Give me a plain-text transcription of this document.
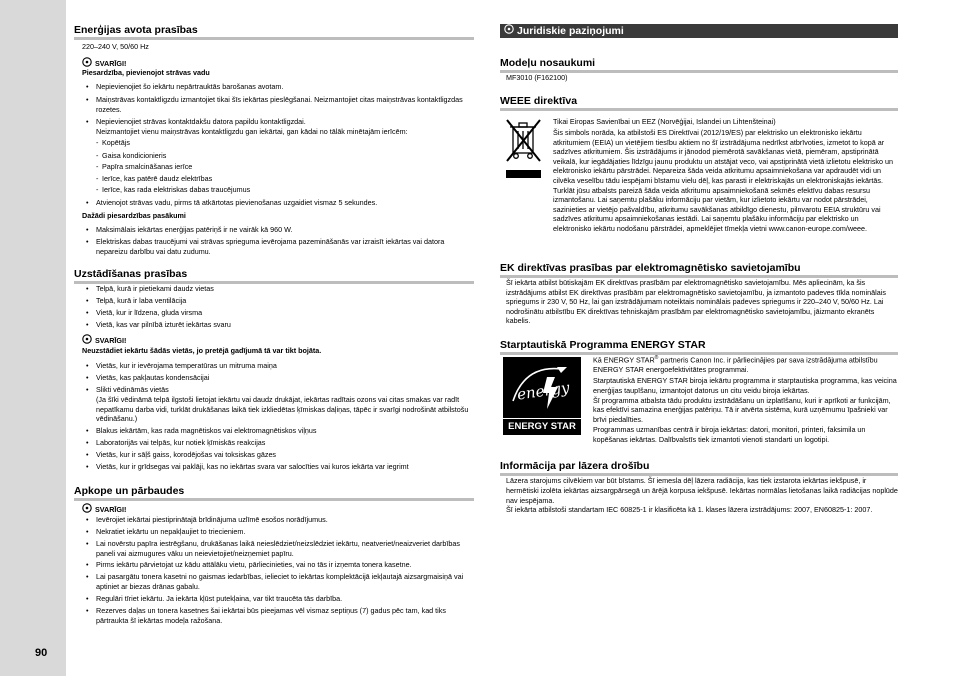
90
Enerģijas avota prasības
220–240 V, 50/60 Hz
SVARĪGI!
Piesardzība, pievienojot strāvas vadu
• Nepievienojiet šo iekārtu nepārtrauktās barošanas avotam.
• Maiņstrāvas kontaktligzdu izmantojiet tikai šīs iekārtas pieslēgšanai. Neizmantojiet citas maiņstrāvas kontaktligzdas rozetes.
• Nepievienojiet strāvas kontaktdakšu datora papildu kontaktligzdai.
Neizmantojiet vienu maiņstrāvas kontaktligzdu gan iekārtai, gan kādai no tālāk minētajām ierīcēm:
- Kopētājs
- Gaisa kondicionieris
- Papīra smalcināšanas ierīce
- Ierīce, kas patērē daudz elektrības
- Ierīce, kas rada elektriskas dabas traucējumus
• Atvienojot strāvas vadu, pirms tā atkārtotas pievienošanas uzgaidiet vismaz 5 sekundes.
Dažādi piesardzības pasākumi
• Maksimālais iekārtas enerģijas patēriņš ir ne vairāk kā 960 W.
• Elektriskas dabas traucējumi vai strāvas sprieguma ievērojama pazemināšanās var izraisīt iekārtas vai datora nepareizu darbību vai datu zudumu.
Uzstādīšanas prasības
• Telpā, kurā ir pietiekami daudz vietas
• Telpā, kurā ir laba ventilācija
• Vietā, kur ir līdzena, gluda virsma
• Vietā, kas var pilnībā izturēt iekārtas svaru
SVARĪGI!
Neuzstādiet iekārtu šādās vietās, jo pretējā gadījumā tā var tikt bojāta.
• Vietās, kur ir ievērojama temperatūras un mitruma maiņa
• Vietās, kas pakļautas kondensācijai
• Slikti vēdināmās vietās
(Ja šīki vēdināmā telpā ilgstoši lietojat iekārtu vai daudz drukājat, iekārtas radītais ozons vai citas smakas var radīt nepatīkamu darba vidi, turklāt drukāšanas laikā tiek izkliedētas ķīmiskas daļiņas, tāpēc ir svarīgi nodrošināt atbilstošu vēdināšanu.)
• Blakus iekārtām, kas rada magnētiskos vai elektromagnētiskos viļņus
• Laboratorijās vai telpās, kur notiek ķīmiskās reakcijas
• Vietās, kur ir sāļš gaiss, korodējošas vai toksiskas gāzes
• Vietās, kur ir grīdsegas vai paklāji, kas no iekārtas svara var salocīties vai kuros iekārta var iegrimt
Apkope un pārbaudes
SVARĪGI!
• Ievērojiet iekārtai piestiprinātajā brīdinājuma uzlīmē esošos norādījumus.
• Nekratiet iekārtu un nepakļaujiet to triecieniem.
• Lai novērstu papīra iestrēgšanu, drukāšanas laikā neieslēdziet/neizslēdziet iekārtu, neatveriet/neaizveriet darbības paneli vai aizmugures vāku un neievietojiet/neizņemiet papīru.
• Pirms iekārtu pārvietojat uz kādu attālāku vietu, pārliecinieties, vai no tās ir izņemta tonera kasetne.
• Lai pasargātu tonera kasetni no gaismas iedarbības, ielieciet to iekārtas komplektācijā iekļautajā aizsargmaisiņā vai aptiniet ar biezas drānas gabalu.
• Regulāri tīriet iekārtu. Ja iekārta kļūst putekļaina, var tikt traucēta tās darbība.
• Rezerves daļas un tonera kasetnes šai iekārtai būs pieejamas vēl vismaz septiņus (7) gadus pēc tam, kad tiks pārtraukta šī iekārtas modeļa ražošana.
Juridiskie paziņojumi
Modeļu nosaukumi
MF3010 (F162100)
WEEE direktīva
Tikai Eiropas Savienībai un EEZ (Norvēģijai, Islandei un Lihtenšteinai)
Šis simbols norāda, ka atbilstoši ES Direktīvai (2012/19/ES) par elektrisko un elektronisko iekārtu atkritumiem (EEIA) un vietējiem tiesību aktiem no šī izstrādājuma nedrīkst atbrīvoties, izmetot to kopā ar sadzīves atkritumiem. Šis izstrādājums ir jānodod piemērotā savākšanas vietā, piemēram, apstiprinātā veikalā, kur iegādājaties līdzīgu jaunu produktu un atstājat veco, vai apstiprinātā vietā izlietotu elektrisko un elektronisko iekārtu pārstrādei. Nepareiza šāda veida atkritumu apsaimniekošana var apdraudēt vidi un cilvēka veselību tādu iespējami bīstamu vielu dēļ, kas parasti ir elektriskajās un elektroniskajās iekārtās. Turklāt jūsu atbalsts pareizā šāda veida atkritumu apsaimniekošanā sekmēs efektīvu dabas resursu izmantošanu. Lai saņemtu plašāku informāciju par vietām, kur izlietoto iekārtu var nodot pārstrādei, sazinieties ar vietējo pašvaldību, atkritumu savākšanas atbildīgo dienestu, pilnvarotu EEIA struktūru vai sadzīves atkritumu apsaimniekošanas iestādi. Lai saņemtu plašāku informāciju par elektrisko un elektronisko iekārtu nodošanu pārstrādei, apmeklējiet tīmekļa vietni www.canon-europe.com/weee.
EK direktīvas prasības par elektromagnētisko savietojamību
Šī iekārta atbilst būtiskajām EK direktīvas prasībām par elektromagnētisko savietojamību. Mēs apliecinām, ka šis izstrādājums atbilst EK direktīvas prasībām par elektromagnētisko savietojamību, ja izmantoto padeves tīkla nominālais spriegums ir 230 V, 50 Hz, lai gan izstrādājumam noteiktais nominālais padeves spriegums ir 220–240 V, 50/60 Hz. Lai nodrošinātu atbilstību EK direktīvas tehniskajām prasībām par elektromagnētisko savietojamību, jāizmanto ekranēts kabelis.
Starptautiskā Programma ENERGY STAR
energy
ENERGY STAR
Kā ENERGY STAR® partneris Canon Inc. ir pārliecinājies par sava izstrādājuma atbilstību ENERGY STAR energoefektivitātes programmai.
Starptautiskā ENERGY STAR biroja iekārtu programma ir starptautiska programma, kas veicina enerģijas taupīšanu, izmantojot datorus un citu veidu biroja iekārtas.
Šī programma atbalsta tādu produktu izstrādāšanu un izplatīšanu, kuri ir aprīkoti ar funkcijām, kas efektīvi samazina enerģijas patēriņu. Tā ir atvērta sistēma, kurā uzņēmumu īpašnieki var brīvi piedalīties.
Programmas uzmanības centrā ir biroja iekārtas: datori, monitori, printeri, faksimila un kopēšanas iekārtas. Dalībvalstīs tiek izmantoti vienoti standarti un logotipi.
Informācija par lāzera drošību
Lāzera starojums cilvēkiem var būt bīstams. Šī iemesla dēļ lāzera radiācija, kas tiek izstarota iekārtas iekšpusē, ir hermētiski izolēta iekārtas aizsargpārsegā un ārējā korpusa iekšpusē. Iekārtas normālas lietošanas laikā radiācijas noplūde nav iespējama.
Šī iekārta atbilstoši standartam IEC 60825-1 ir klasificēta kā 1. klases lāzera izstrādājums: 2007, EN60825-1: 2007.
